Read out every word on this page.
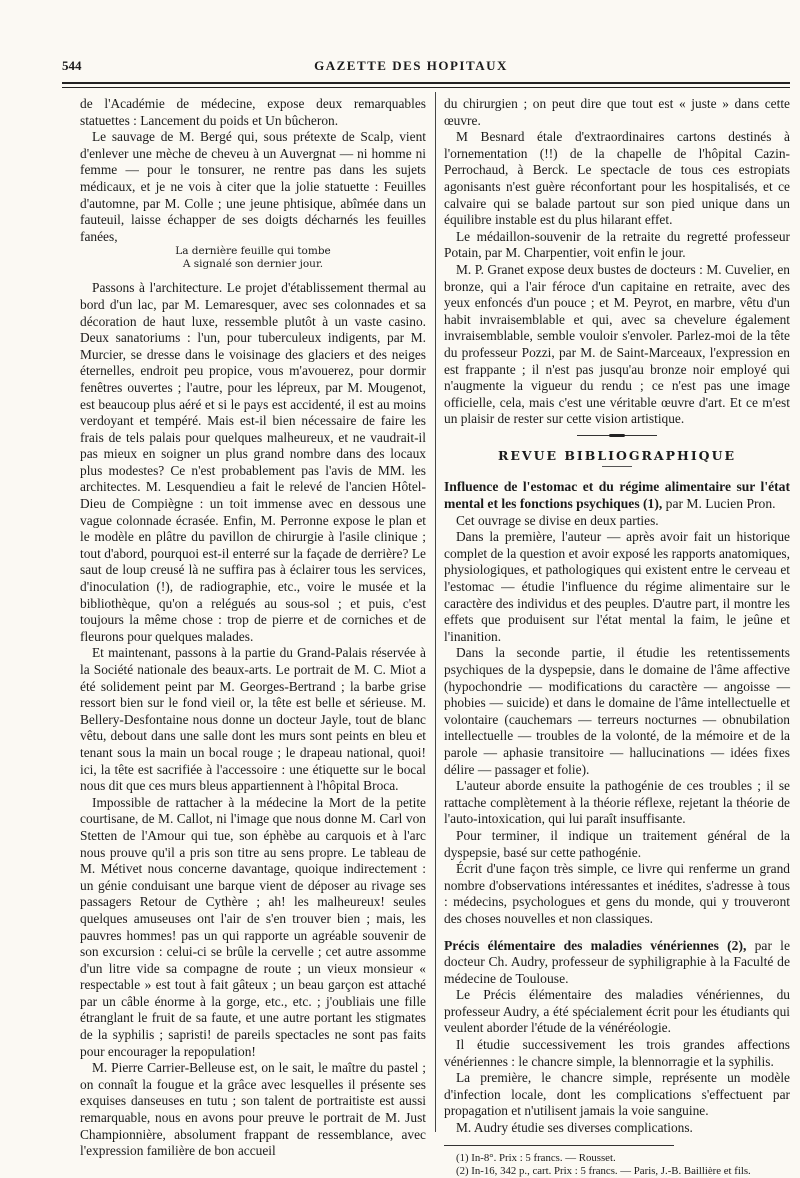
544	GAZETTE DES HOPITAUX

de l'Académie de médecine, expose deux remarquables statuettes : Lancement du poids et Un bûcheron.

Le sauvage de M. Bergé qui, sous prétexte de Scalp, vient d'enlever une mèche de cheveu à un Auvergnat — ni homme ni femme — pour le tonsurer, ne rentre pas dans les sujets médicaux, et je ne vois à citer que la jolie statuette : Feuilles d'automne, par M. Colle ; une jeune phtisique, abîmée dans un fauteuil, laisse échapper de ses doigts décharnés les feuilles fanées,

La dernière feuille qui tombe

A signalé son dernier jour.

Passons à l'architecture. Le projet d'établissement thermal au bord d'un lac, par M. Lemaresquer, avec ses colonnades et sa décoration de haut luxe, ressemble plutôt à un vaste casino. Deux sanatoriums : l'un, pour tuberculeux indigents, par M. Murcier, se dresse dans le voisinage des glaciers et des neiges éternelles, endroit peu propice, vous m'avouerez, pour dormir fenêtres ouvertes ; l'autre, pour les lépreux, par M. Mougenot, est beaucoup plus aéré et si le pays est accidenté, il est au moins verdoyant et tempéré. Mais est-il bien nécessaire de faire les frais de tels palais pour quelques malheureux, et ne vaudrait-il pas mieux en soigner un plus grand nombre dans des locaux plus modestes? Ce n'est probablement pas l'avis de MM. les architectes. M. Lesquendieu a fait le relevé de l'ancien Hôtel-Dieu de Compiègne : un toit immense avec en dessous une vague colonnade écrasée. Enfin, M. Perronne expose le plan et le modèle en plâtre du pavillon de chirurgie à l'asile clinique ; tout d'abord, pourquoi est-il enterré sur la façade de derrière? Le saut de loup creusé là ne suffira pas à éclairer tous les services, d'inoculation (!), de radiographie, etc., voire le musée et la bibliothèque, qu'on a relégués au sous-sol ; et puis, c'est toujours la même chose : trop de pierre et de corniches et de fleurons pour quelques malades.

Et maintenant, passons à la partie du Grand-Palais réservée à la Société nationale des beaux-arts. Le portrait de M. C. Miot a été solidement peint par M. Georges-Bertrand ; la barbe grise ressort bien sur le fond vieil or, la tête est belle et sérieuse. M. Bellery-Desfontaine nous donne un docteur Jayle, tout de blanc vêtu, debout dans une salle dont les murs sont peints en bleu et tenant sous la main un bocal rouge ; le drapeau national, quoi! ici, la tête est sacrifiée à l'accessoire : une étiquette sur le bocal nous dit que ces murs bleus appartiennent à l'hôpital Broca.

Impossible de rattacher à la médecine la Mort de la petite courtisane, de M. Callot, ni l'image que nous donne M. Carl von Stetten de l'Amour qui tue, son éphèbe au carquois et à l'arc nous prouve qu'il a pris son titre au sens propre. Le tableau de M. Métivet nous concerne davantage, quoique indirectement : un génie conduisant une barque vient de déposer au rivage ses passagers Retour de Cythère ; ah! les malheureux! seules quelques amuseuses ont l'air de s'en trouver bien ; mais, les pauvres hommes! pas un qui rapporte un agréable souvenir de son excursion : celui-ci se brûle la cervelle ; cet autre assomme d'un litre vide sa compagne de route ; un vieux monsieur « respectable » est tout à fait gâteux ; un beau garçon est attaché par un câble énorme à la gorge, etc., etc. ; j'oubliais une fille étranglant le fruit de sa faute, et une autre portant les stigmates de la syphilis ; sapristi! de pareils spectacles ne sont pas faits pour encourager la repopulation!

M. Pierre Carrier-Belleuse est, on le sait, le maître du pastel ; on connaît la fougue et la grâce avec lesquelles il présente ses exquises danseuses en tutu ; son talent de portraitiste est aussi remarquable, nous en avons pour preuve le portrait de M. Just Championnière, absolument frappant de ressemblance, avec l'expression familière de bon accueil

du chirurgien ; on peut dire que tout est « juste » dans cette œuvre.

M Besnard étale d'extraordinaires cartons destinés à l'ornementation (!!) de la chapelle de l'hôpital Cazin-Perrochaud, à Berck. Le spectacle de tous ces estropiats agonisants n'est guère réconfortant pour les hospitalisés, et ce calvaire qui se balade partout sur son pied unique dans un équilibre instable est du plus hilarant effet.

Le médaillon-souvenir de la retraite du regretté professeur Potain, par M. Charpentier, voit enfin le jour.

M. P. Granet expose deux bustes de docteurs : M. Cuvelier, en bronze, qui a l'air féroce d'un capitaine en retraite, avec des yeux enfoncés d'un pouce ; et M. Peyrot, en marbre, vêtu d'un habit invraisemblable et qui, avec sa chevelure également invraisemblable, semble vouloir s'envoler. Parlez-moi de la tête du professeur Pozzi, par M. de Saint-Marceaux, l'expression en est frappante ; il n'est pas jusqu'au bronze noir employé qui n'augmente la vigueur du rendu ; ce n'est pas une image officielle, cela, mais c'est une véritable œuvre d'art. Et ce m'est un plaisir de rester sur cette vision artistique.

REVUE BIBLIOGRAPHIQUE

Influence de l'estomac et du régime alimentaire sur l'état mental et les fonctions psychiques (1), par M. Lucien Pron.

Cet ouvrage se divise en deux parties.

Dans la première, l'auteur — après avoir fait un historique complet de la question et avoir exposé les rapports anatomiques, physiologiques, et pathologiques qui existent entre le cerveau et l'estomac — étudie l'influence du régime alimentaire sur le caractère des individus et des peuples. D'autre part, il montre les effets que produisent sur l'état mental la faim, le jeûne et l'inanition.

Dans la seconde partie, il étudie les retentissements psychiques de la dyspepsie, dans le domaine de l'âme affective (hypochondrie — modifications du caractère — angoisse — phobies — suicide) et dans le domaine de l'âme intellectuelle et volontaire (cauchemars — terreurs nocturnes — obnubilation intellectuelle — troubles de la volonté, de la mémoire et de la parole — aphasie transitoire — hallucinations — idées fixes délire — passager et folie).

L'auteur aborde ensuite la pathogénie de ces troubles ; il se rattache complètement à la théorie réflexe, rejetant la théorie de l'auto-intoxication, qui lui paraît insuffisante.

Pour terminer, il indique un traitement général de la dyspepsie, basé sur cette pathogénie.

Écrit d'une façon très simple, ce livre qui renferme un grand nombre d'observations intéressantes et inédites, s'adresse à tous : médecins, psychologues et gens du monde, qui y trouveront des choses nouvelles et non classiques.

Précis élémentaire des maladies vénériennes (2), par le docteur Ch. Audry, professeur de syphiligraphie à la Faculté de médecine de Toulouse.

Le Précis élémentaire des maladies vénériennes, du professeur Audry, a été spécialement écrit pour les étudiants qui veulent aborder l'étude de la vénéréologie.

Il étudie successivement les trois grandes affections vénériennes : le chancre simple, la blennorragie et la syphilis.

La première, le chancre simple, représente un modèle d'infection locale, dont les complications s'effectuent par propagation et n'utilisent jamais la voie sanguine.

M. Audry étudie ses diverses complications.

(1) In-8°. Prix : 5 francs. — Rousset.

(2) In-16, 342 p., cart. Prix : 5 francs. — Paris, J.-B. Baillière et fils.
